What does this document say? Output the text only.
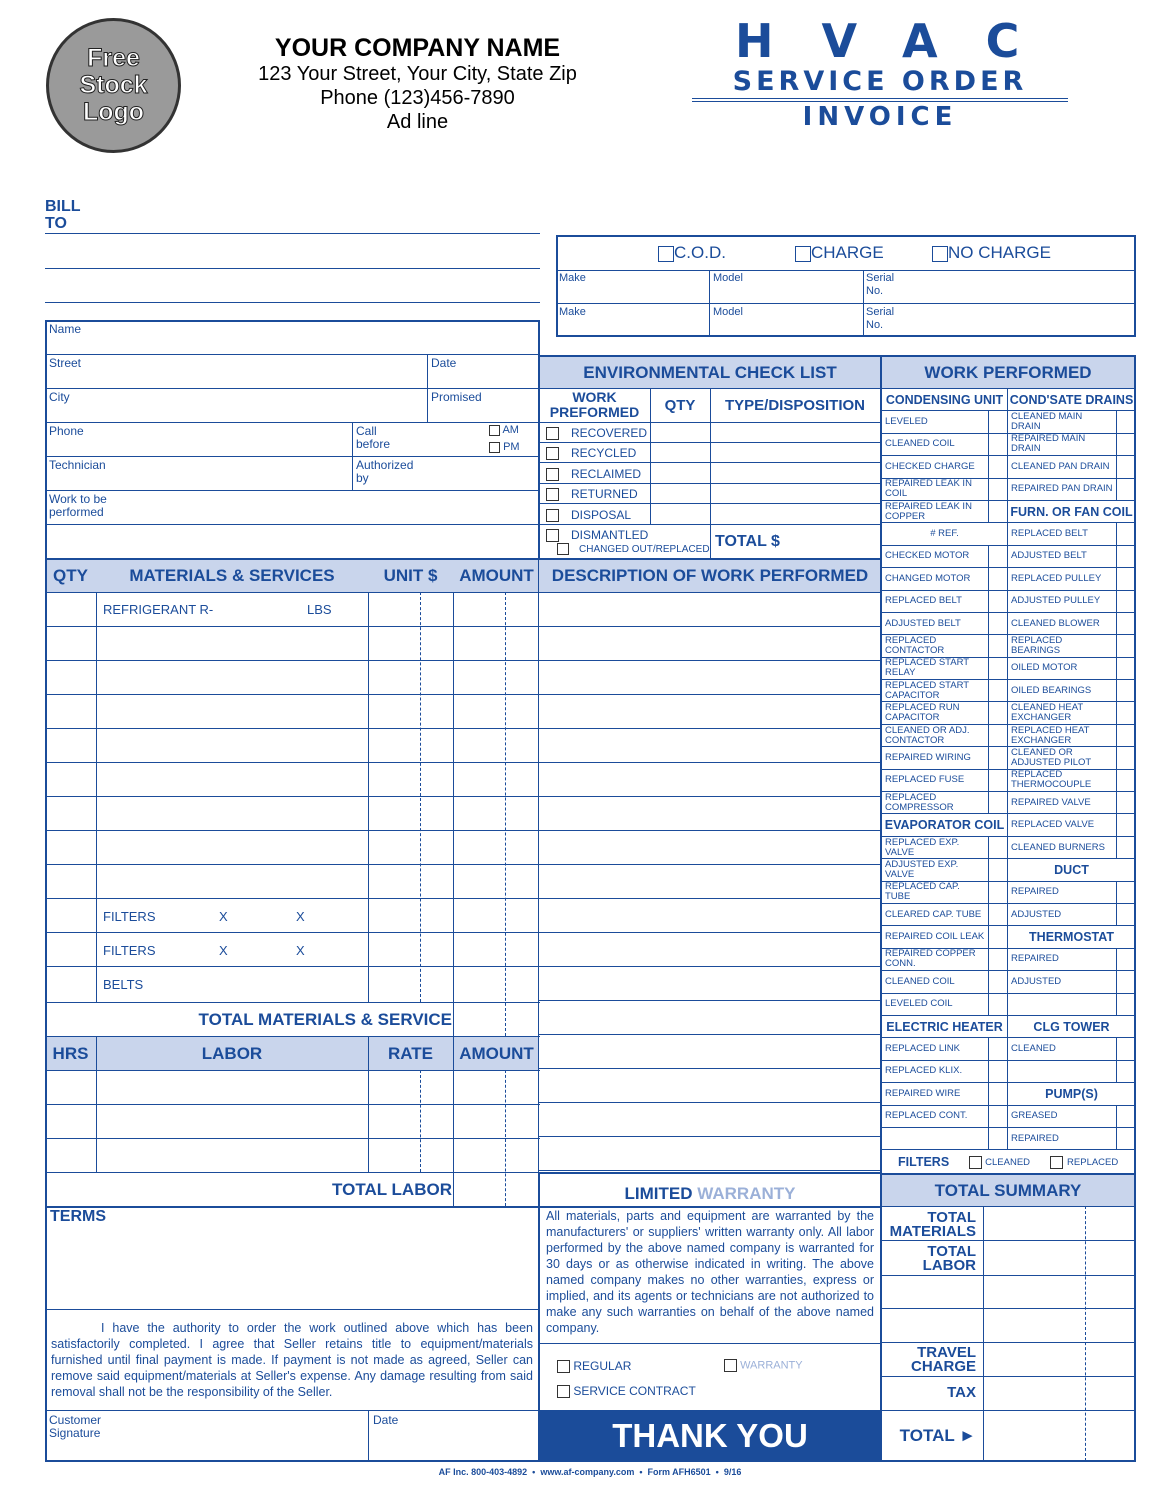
Free Stock Logo
YOUR COMPANY NAME
123 Your Street, Your City, State Zip
Phone (123)456-7890
Ad line
HVAC
SERVICE ORDER
INVOICE
BILL TO
Name
Street	Date
City	Promised
Phone	Call before
AM
PM
Technician	Authorized by
Work to be performed
C.O.D.	CHARGE	NO CHARGE
Make	Model	Serial No.
Make	Model	Serial No.
ENVIRONMENTAL CHECK LIST
WORK PREFORMED	QTY	TYPE/DISPOSITION
TOTAL $
WORK PERFORMED
CONDENSING UNIT		COND'SATE DRAINS	
LEVELED		CLEANED MAIN DRAIN	
CLEANED COIL		REPAIRED MAIN DRAIN	
CHECKED CHARGE		CLEANED PAN DRAIN	
REPAIRED LEAK IN COIL		REPAIRED PAN DRAIN	
REPAIRED LEAK IN COPPER		FURN. OR FAN COIL	
# REF.		REPLACED BELT	
CHECKED MOTOR		ADJUSTED BELT	
CHANGED MOTOR		REPLACED PULLEY	
REPLACED BELT		ADJUSTED PULLEY	
ADJUSTED BELT		CLEANED BLOWER	
REPLACED CONTACTOR		REPLACED BEARINGS	
REPLACED START RELAY		OILED MOTOR	
REPLACED START CAPACITOR		OILED BEARINGS	
REPLACED RUN CAPACITOR		CLEANED HEAT EXCHANGER	
CLEANED OR ADJ. CONTACTOR		REPLACED HEAT EXCHANGER	
REPAIRED WIRING		CLEANED OR ADJUSTED PILOT	
REPLACED FUSE		REPLACED THERMOCOUPLE	
REPLACED COMPRESSOR		REPAIRED VALVE	
EVAPORATOR COIL		REPLACED VALVE	
REPLACED EXP. VALVE		CLEANED BURNERS	
ADJUSTED EXP. VALVE		DUCT	
REPLACED CAP. TUBE		REPAIRED	
CLEARED CAP. TUBE		ADJUSTED	
REPAIRED COIL LEAK		THERMOSTAT	
REPAIRED COPPER CONN.		REPAIRED	
CLEANED COIL		ADJUSTED	
LEVELED COIL			
ELECTRIC HEATER		CLG TOWER	
REPLACED LINK		CLEANED	
REPLACED KLIX.			
REPAIRED WIRE		PUMP(S)	
REPLACED CONT.		GREASED	
		REPAIRED	
FILTERS	CLEANED	REPLACED
QTY	MATERIALS & SERVICES	UNIT $	AMOUNT	DESCRIPTION OF WORK PERFORMED
REFRIGERANT R-	LBS
FILTERS	X	X
FILTERS	X	X
BELTS
TOTAL MATERIALS & SERVICE
HRS	LABOR	RATE	AMOUNT
TOTAL LABOR
TERMS
I have the authority to order the work outlined above which has been satisfactorily completed. I agree that Seller retains title to equipment/materials furnished until final payment is made. If payment is not made as agreed, Seller can remove said equipment/materials at Seller's expense. Any damage resulting from said removal shall not be the responsibility of the Seller.
Customer Signature
Date
LIMITED WARRANTY
All materials, parts and equipment are warranted by the manufacturers' or suppliers' written warranty only. All labor performed by the above named company is warranted for 30 days or as otherwise indicated in writing. The above named company makes no other warranties, express or implied, and its agents or technicians are not authorized to make any such warranties on behalf of the above named company.
REGULAR	WARRANTY
SERVICE CONTRACT
THANK YOU
TOTAL SUMMARY
TOTAL MATERIALS
TOTAL LABOR
TRAVEL CHARGE
TAX
TOTAL ►
AF Inc. 800-403-4892  •  www.af-company.com  •  Form AFH6501  •  9/16
RECOVERED
RECYCLED
RECLAIMED
RETURNED
DISPOSAL
DISMANTLED
CHANGED OUT/REPLACED
